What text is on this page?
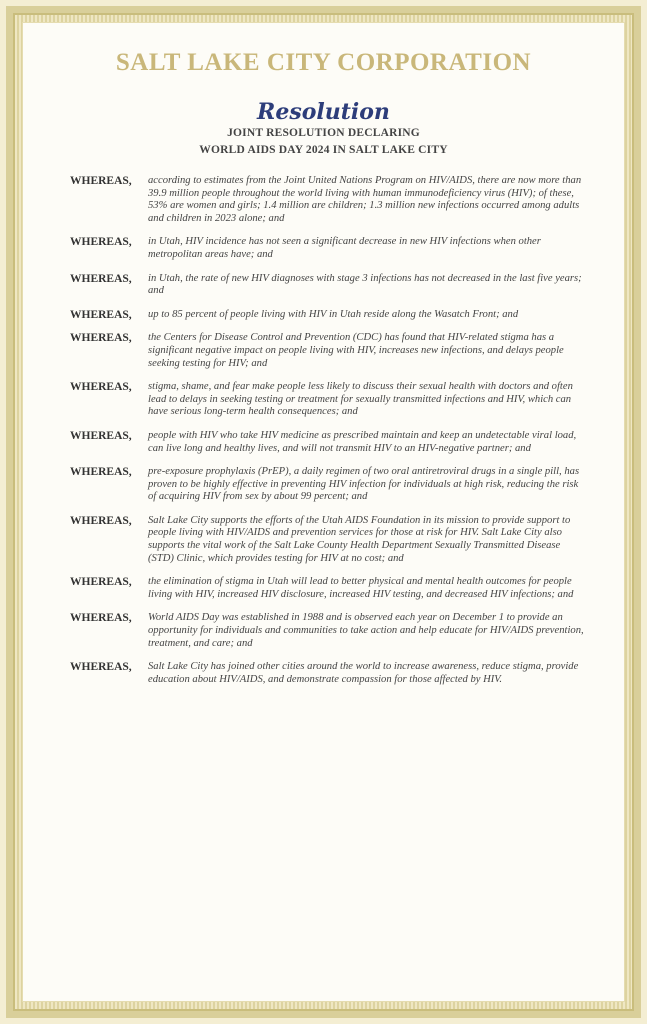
SALT LAKE CITY CORPORATION
Resolution
JOINT RESOLUTION DECLARING
WORLD AIDS DAY 2024 IN SALT LAKE CITY
WHEREAS, according to estimates from the Joint United Nations Program on HIV/AIDS, there are now more than 39.9 million people throughout the world living with human immunodeficiency virus (HIV); of these, 53% are women and girls; 1.4 million are children; 1.3 million new infections occurred among adults and children in 2023 alone; and
WHEREAS, in Utah, HIV incidence has not seen a significant decrease in new HIV infections when other metropolitan areas have; and
WHEREAS, in Utah, the rate of new HIV diagnoses with stage 3 infections has not decreased in the last five years; and
WHEREAS, up to 85 percent of people living with HIV in Utah reside along the Wasatch Front; and
WHEREAS, the Centers for Disease Control and Prevention (CDC) has found that HIV-related stigma has a significant negative impact on people living with HIV, increases new infections, and delays people seeking testing for HIV; and
WHEREAS, stigma, shame, and fear make people less likely to discuss their sexual health with doctors and often lead to delays in seeking testing or treatment for sexually transmitted infections and HIV, which can have serious long-term health consequences; and
WHEREAS, people with HIV who take HIV medicine as prescribed maintain and keep an undetectable viral load, can live long and healthy lives, and will not transmit HIV to an HIV-negative partner; and
WHEREAS, pre-exposure prophylaxis (PrEP), a daily regimen of two oral antiretroviral drugs in a single pill, has proven to be highly effective in preventing HIV infection for individuals at high risk, reducing the risk of acquiring HIV from sex by about 99 percent; and
WHEREAS, Salt Lake City supports the efforts of the Utah AIDS Foundation in its mission to provide support to people living with HIV/AIDS and prevention services for those at risk for HIV. Salt Lake City also supports the vital work of the Salt Lake County Health Department Sexually Transmitted Disease (STD) Clinic, which provides testing for HIV at no cost; and
WHEREAS, the elimination of stigma in Utah will lead to better physical and mental health outcomes for people living with HIV, increased HIV disclosure, increased HIV testing, and decreased HIV infections; and
WHEREAS, World AIDS Day was established in 1988 and is observed each year on December 1 to provide an opportunity for individuals and communities to take action and help educate for HIV/AIDS prevention, treatment, and care; and
WHEREAS, Salt Lake City has joined other cities around the world to increase awareness, reduce stigma, provide education about HIV/AIDS, and demonstrate compassion for those affected by HIV.
